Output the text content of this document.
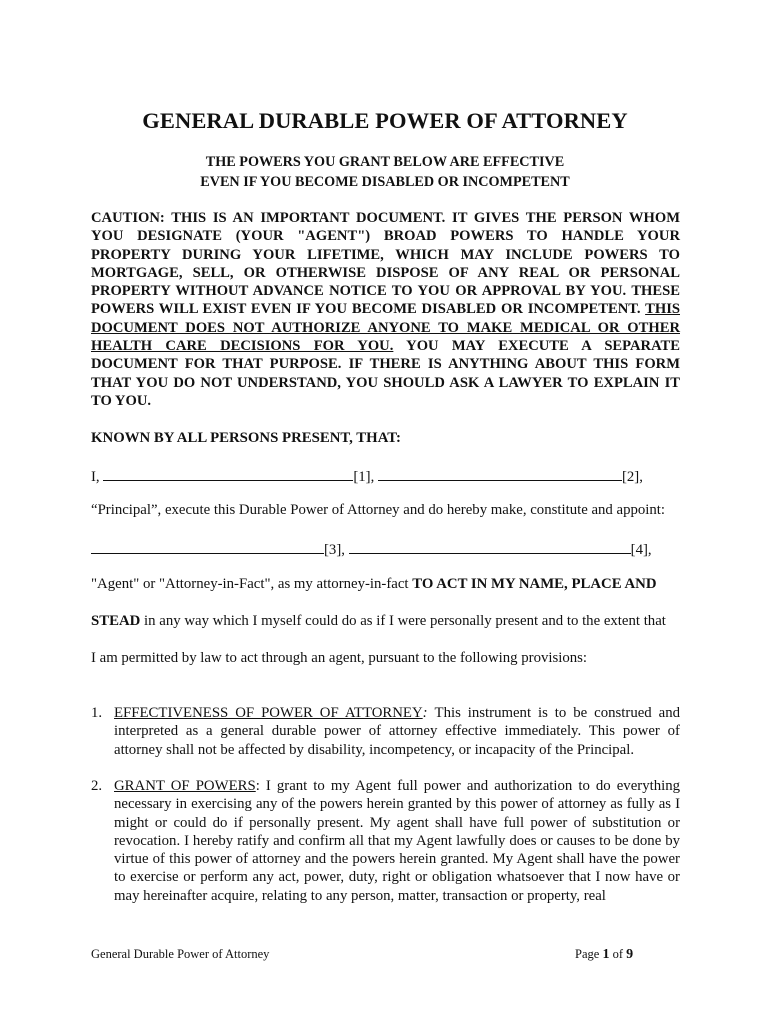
GENERAL DURABLE POWER OF ATTORNEY
THE POWERS YOU GRANT BELOW ARE EFFECTIVE
EVEN IF YOU BECOME DISABLED OR INCOMPETENT
CAUTION: THIS IS AN IMPORTANT DOCUMENT. IT GIVES THE PERSON WHOM YOU DESIGNATE (YOUR "AGENT") BROAD POWERS TO HANDLE YOUR PROPERTY DURING YOUR LIFETIME, WHICH MAY INCLUDE POWERS TO MORTGAGE, SELL, OR OTHERWISE DISPOSE OF ANY REAL OR PERSONAL PROPERTY WITHOUT ADVANCE NOTICE TO YOU OR APPROVAL BY YOU. THESE POWERS WILL EXIST EVEN IF YOU BECOME DISABLED OR INCOMPETENT. THIS DOCUMENT DOES NOT AUTHORIZE ANYONE TO MAKE MEDICAL OR OTHER HEALTH CARE DECISIONS FOR YOU. YOU MAY EXECUTE A SEPARATE DOCUMENT FOR THAT PURPOSE. IF THERE IS ANYTHING ABOUT THIS FORM THAT YOU DO NOT UNDERSTAND, YOU SHOULD ASK A LAWYER TO EXPLAIN IT TO YOU.
KNOWN BY ALL PERSONS PRESENT, THAT:
I,	[1],	[2],
“Principal”, execute this Durable Power of Attorney and do hereby make, constitute and appoint:
[3],	[4],
"Agent" or "Attorney-in-Fact", as my attorney-in-fact TO ACT IN MY NAME, PLACE AND
STEAD in any way which I myself could do as if I were personally present and to the extent that
I am permitted by law to act through an agent, pursuant to the following provisions:
1. EFFECTIVENESS OF POWER OF ATTORNEY: This instrument is to be construed and interpreted as a general durable power of attorney effective immediately. This power of attorney shall not be affected by disability, incompetency, or incapacity of the Principal.
2. GRANT OF POWERS: I grant to my Agent full power and authorization to do everything necessary in exercising any of the powers herein granted by this power of attorney as fully as I might or could do if personally present. My agent shall have full power of substitution or revocation. I hereby ratify and confirm all that my Agent lawfully does or causes to be done by virtue of this power of attorney and the powers herein granted. My Agent shall have the power to exercise or perform any act, power, duty, right or obligation whatsoever that I now have or may hereinafter acquire, relating to any person, matter, transaction or property, real
General Durable Power of Attorney	Page 1 of 9
